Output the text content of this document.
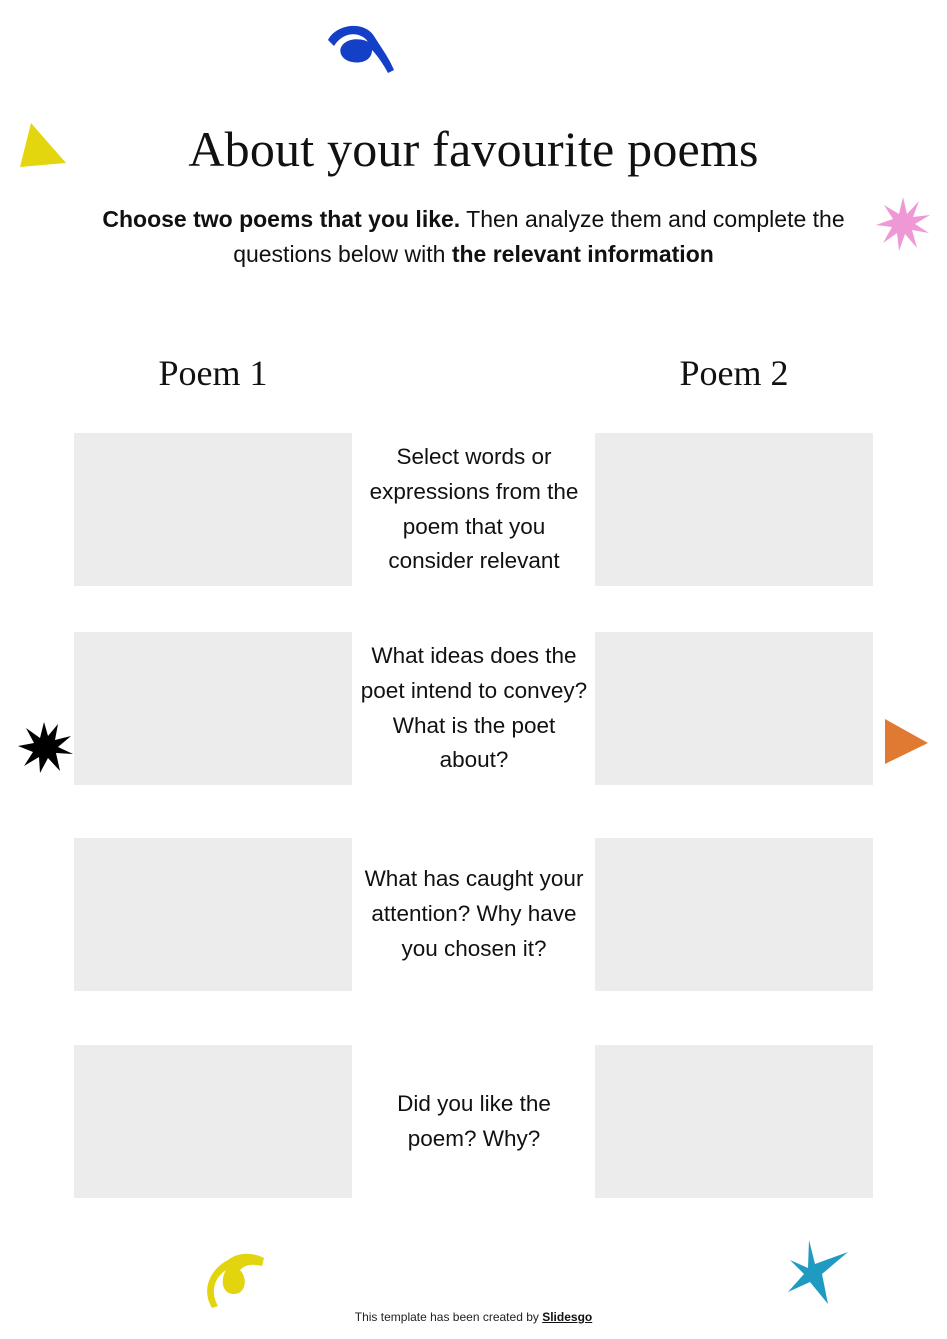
About your favourite poems
Choose two poems that you like. Then analyze them and complete the questions below with the relevant information
Poem 1	Poem 2
Select words or expressions from the poem that you consider relevant
What ideas does the poet intend to convey? What is the poet about?
What has caught your attention? Why have you chosen it?
Did you like the poem? Why?
This template has been created by Slidesgo
